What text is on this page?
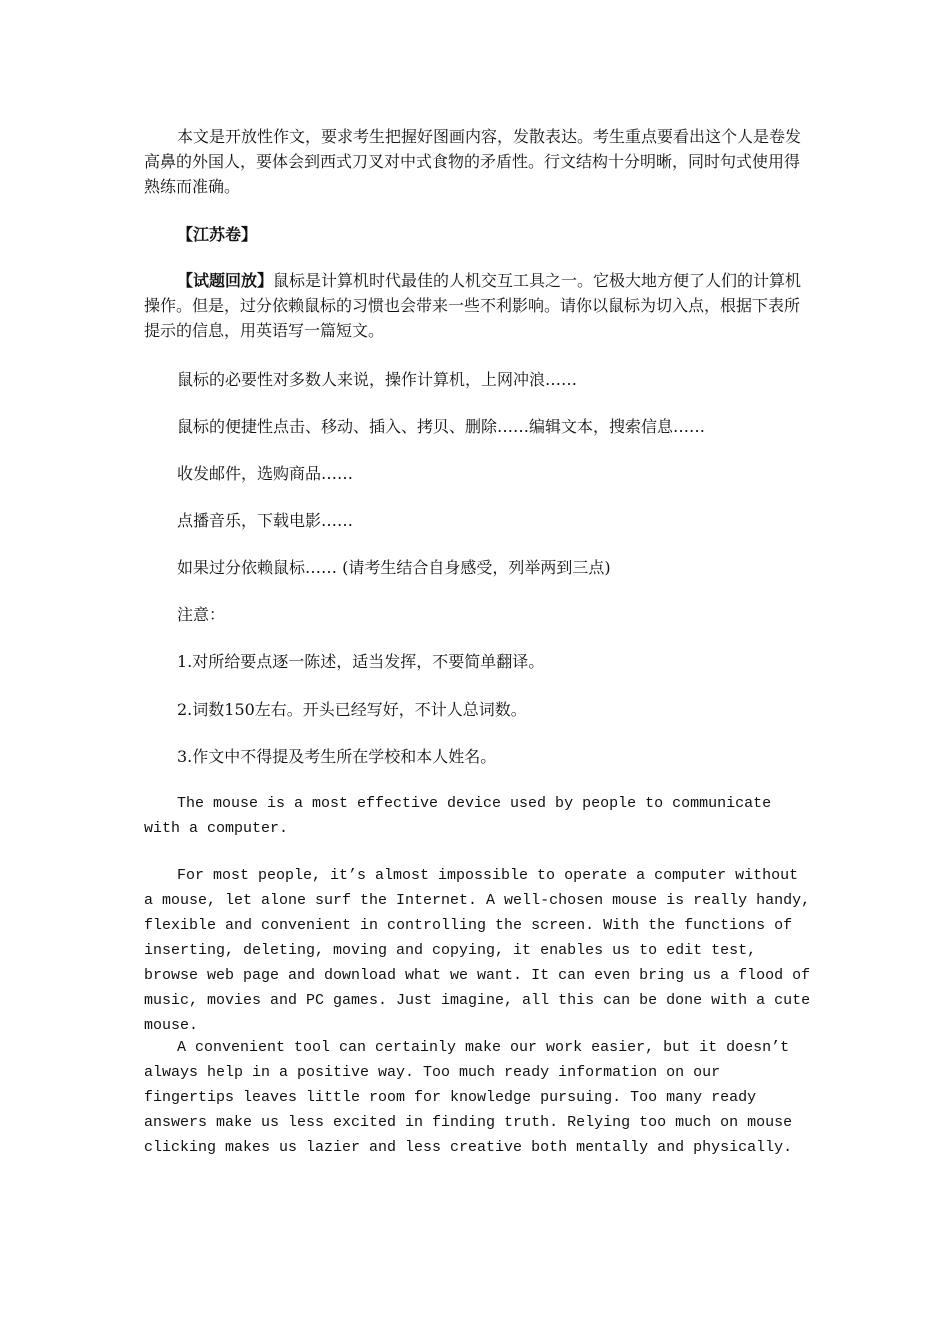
本文是开放性作文，要求考生把握好图画内容，发散表达。考生重点要看出这个人是卷发高鼻的外国人，要体会到西式刀叉对中式食物的矛盾性。行文结构十分明晰，同时句式使用得熟练而准确。

【江苏卷】

【试题回放】鼠标是计算机时代最佳的人机交互工具之一。它极大地方便了人们的计算机操作。但是，过分依赖鼠标的习惯也会带来一些不利影响。请你以鼠标为切入点，根据下表所提示的信息，用英语写一篇短文。

鼠标的必要性对多数人来说，操作计算机，上网冲浪……

鼠标的便捷性点击、移动、插入、拷贝、删除……编辑文本，搜索信息……

收发邮件，选购商品……

点播音乐，下载电影……

如果过分依赖鼠标…… (请考生结合自身感受，列举两到三点)

注意：

1.对所给要点逐一陈述，适当发挥，不要简单翻译。

2.词数150左右。开头已经写好，不计人总词数。

3.作文中不得提及考生所在学校和本人姓名。

The mouse is a most effective device used by people to communicate with a computer.

For most people, it’s almost impossible to operate a computer without a mouse, let alone surf the Internet. A well-chosen mouse is really handy, flexible and convenient in controlling the screen. With the functions of inserting, deleting, moving and copying, it enables us to edit test, browse web page and download what we want. It can even bring us a flood of music, movies and PC games. Just imagine, all this can be done with a cute mouse.

A convenient tool can certainly make our work easier, but it doesn’t always help in a positive way. Too much ready information on our fingertips leaves little room for knowledge pursuing. Too many ready answers make us less excited in finding truth. Relying too much on mouse clicking makes us lazier and less creative both mentally and physically.
